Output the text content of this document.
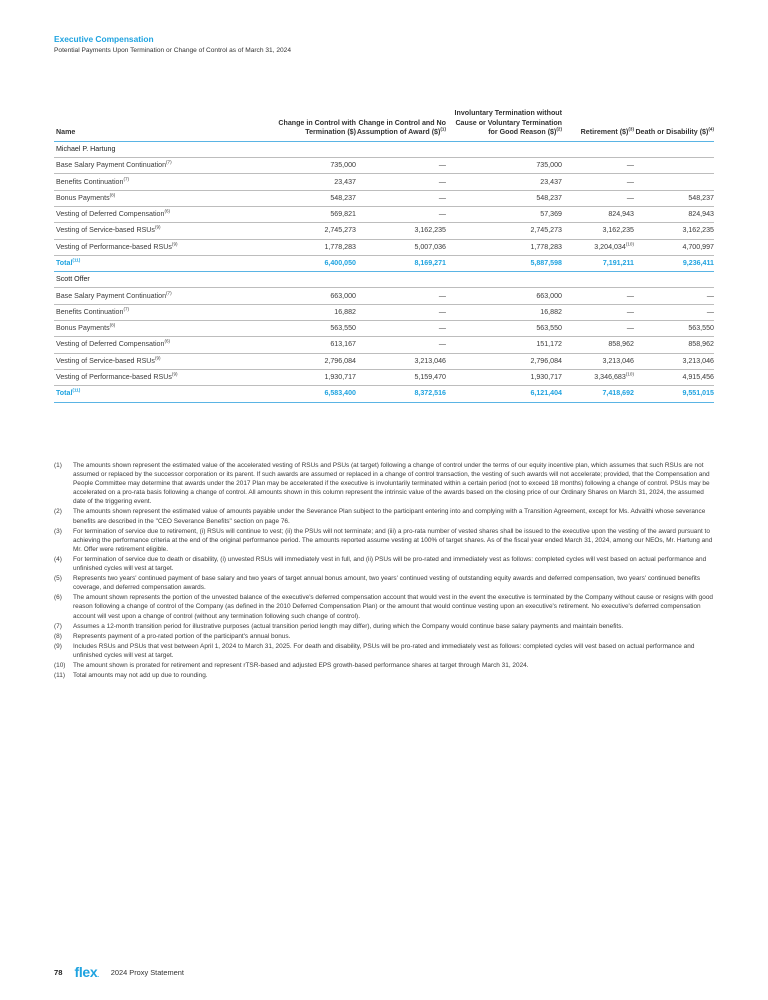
Executive Compensation
Potential Payments Upon Termination or Change of Control as of March 31, 2024
Name	Change in Control with Termination ($)	Change in Control and No Assumption of Award ($)$^{(1)}$	Involuntary Termination without Cause or Voluntary Termination for Good Reason ($)$^{(2)}$	Retirement ($)$^{(3)}$	Death or Disability ($)$^{(4)}$
Michael P. Hartung					
Base Salary Payment Continuation$^{(7)}$	735,000	—	735,000	—	
Benefits Continuation$^{(7)}$	23,437	—	23,437	—	
Bonus Payments$^{(8)}$	548,237	—	548,237	—	548,237
Vesting of Deferred Compensation$^{(6)}$	569,821	—	57,369	824,943	824,943
Vesting of Service-based RSUs$^{(9)}$	2,745,273	3,162,235	2,745,273	3,162,235	3,162,235
Vesting of Performance-based RSUs$^{(9)}$	1,778,283	5,007,036	1,778,283	3,204,034$^{(10)}$	4,700,997
Total$^{(11)}$	6,400,050	8,169,271	5,887,598	7,191,211	9,236,411
Scott Offer					
Base Salary Payment Continuation$^{(7)}$	663,000	—	663,000	—	—
Benefits Continuation$^{(7)}$	16,882	—	16,882	—	—
Bonus Payments$^{(8)}$	563,550	—	563,550	—	563,550
Vesting of Deferred Compensation$^{(6)}$	613,167	—	151,172	858,962	858,962
Vesting of Service-based RSUs$^{(9)}$	2,796,084	3,213,046	2,796,084	3,213,046	3,213,046
Vesting of Performance-based RSUs$^{(9)}$	1,930,717	5,159,470	1,930,717	3,346,683$^{(10)}$	4,915,456
Total$^{(11)}$	6,583,400	8,372,516	6,121,404	7,418,692	9,551,015
(1)	The amounts shown represent the estimated value of the accelerated vesting of RSUs and PSUs (at target) following a change of control under the terms of our equity incentive plan, which assumes that such RSUs are not assumed or replaced by the successor corporation or its parent. If such awards are assumed or replaced in a change of control transaction, the vesting of such awards will not accelerate; provided, that the Compensation and People Committee may determine that awards under the 2017 Plan may be accelerated if the executive is involuntarily terminated within a certain period (not to exceed 18 months) following a change of control. PSUs may be accelerated on a pro-rata basis following a change of control. All amounts shown in this column represent the intrinsic value of the awards based on the closing price of our Ordinary Shares on March 31, 2024, the assumed date of the triggering event.
(2)	The amounts shown represent the estimated value of amounts payable under the Severance Plan subject to the participant entering into and complying with a Transition Agreement, except for Ms. Advaithi whose severance benefits are described in the "CEO Severance Benefits" section on page 76.
(3)	For termination of service due to retirement, (i) RSUs will continue to vest; (ii) the PSUs will not terminate; and (iii) a pro-rata number of vested shares shall be issued to the executive upon the vesting of the award pursuant to achieving the performance criteria at the end of the original performance period. The amounts reported assume vesting at 100% of target shares. As of the fiscal year ended March 31, 2024, among our NEOs, Mr. Hartung and Mr. Offer were retirement eligible.
(4)	For termination of service due to death or disability, (i) unvested RSUs will immediately vest in full, and (ii) PSUs will be pro-rated and immediately vest as follows: completed cycles will vest based on actual performance and unfinished cycles will vest at target.
(5)	Represents two years' continued payment of base salary and two years of target annual bonus amount, two years' continued vesting of outstanding equity awards and deferred compensation, two years' continued benefits coverage, and deferred compensation awards.
(6)	The amount shown represents the portion of the unvested balance of the executive's deferred compensation account that would vest in the event the executive is terminated by the Company without cause or resigns with good reason following a change of control of the Company (as defined in the 2010 Deferred Compensation Plan) or the amount that would continue vesting upon an executive's retirement. No executive's deferred compensation account will vest upon a change of control (without any termination following such change of control).
(7)	Assumes a 12-month transition period for illustrative purposes (actual transition period length may differ), during which the Company would continue base salary payments and maintain benefits.
(8)	Represents payment of a pro-rated portion of the participant's annual bonus.
(9)	Includes RSUs and PSUs that vest between April 1, 2024 to March 31, 2025. For death and disability, PSUs will be pro-rated and immediately vest as follows: completed cycles will vest based on actual performance and unfinished cycles will vest at target.
(10)	The amount shown is prorated for retirement and represent rTSR-based and adjusted EPS growth-based performance shares at target through March 31, 2024.
(11)	Total amounts may not add up due to rounding.
78 flex. 2024 Proxy Statement
